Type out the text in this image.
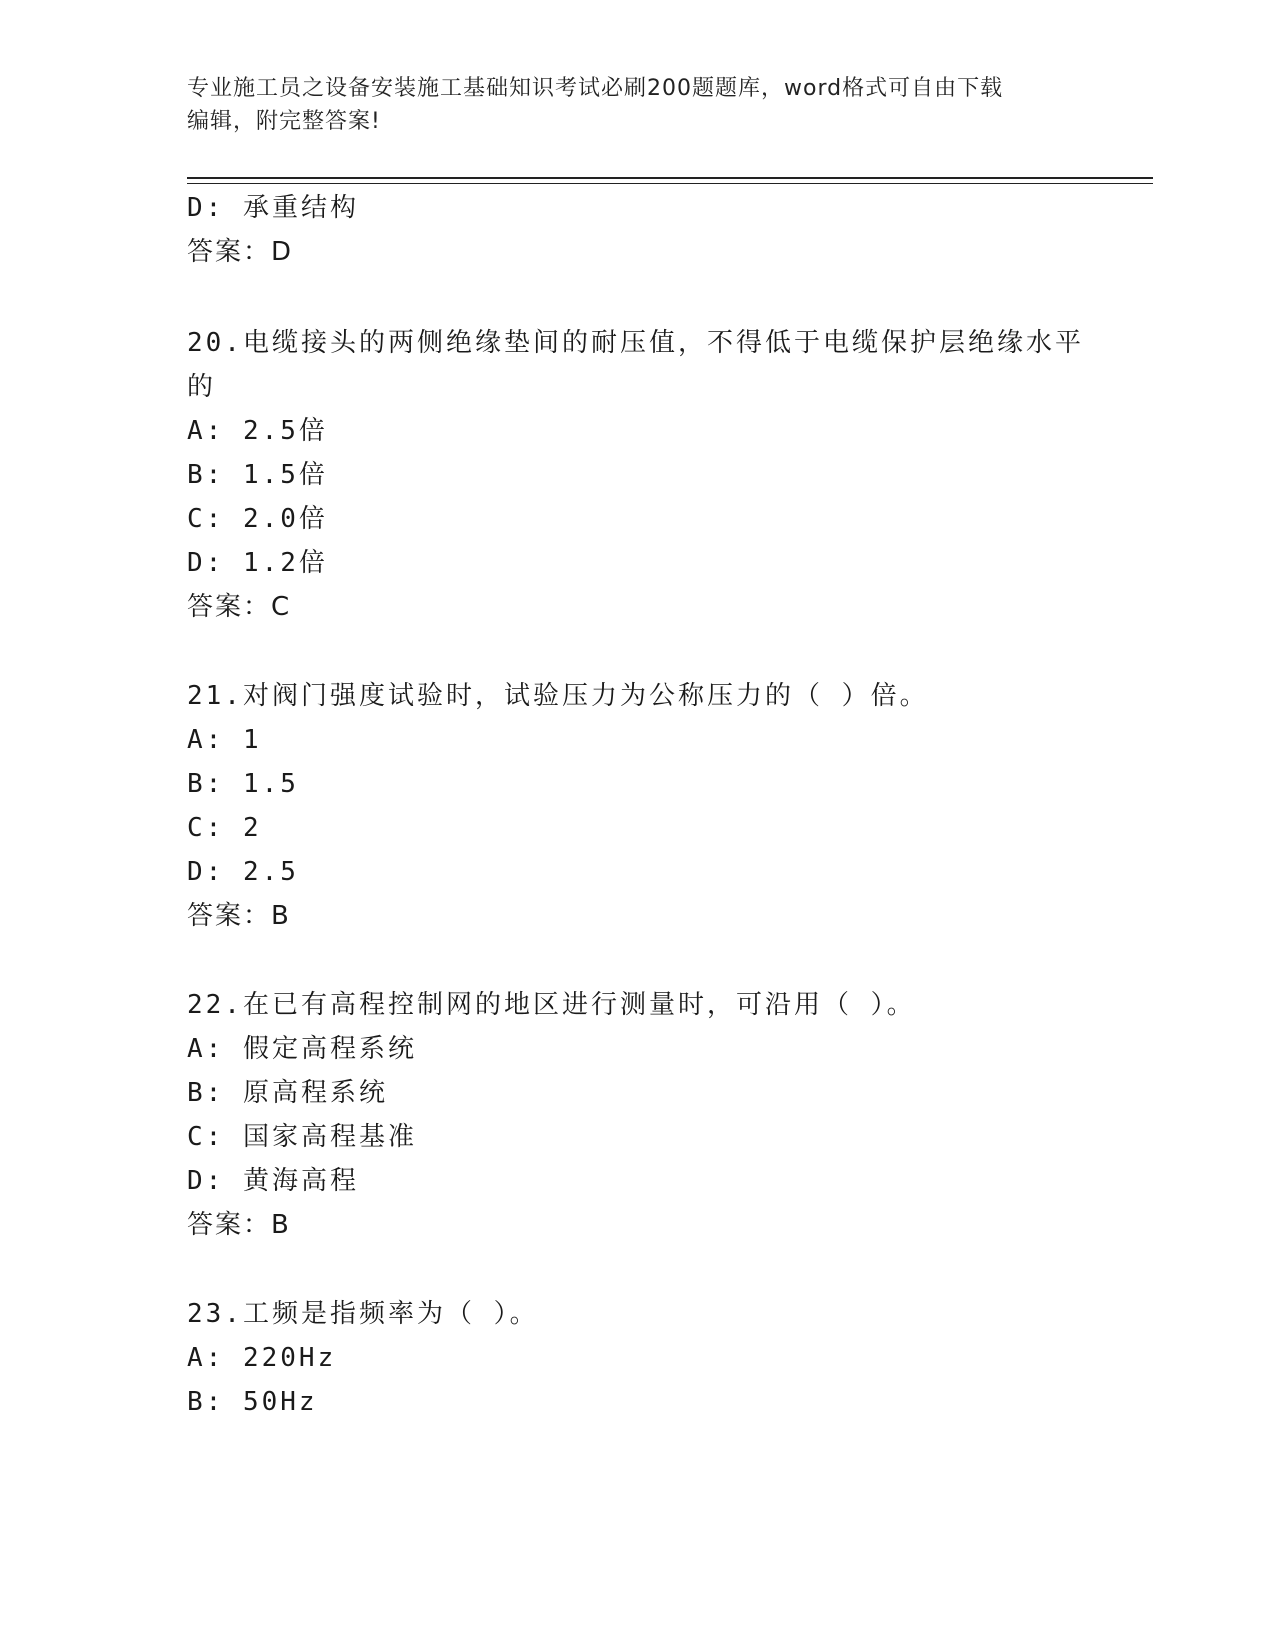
专业施工员之设备安装施工基础知识考试必刷200题题库，word格式可自由下载
编辑，附完整答案!
D: 承重结构
答案：D
20.电缆接头的两侧绝缘垫间的耐压值，不得低于电缆保护层绝缘水平
的
A: 2.5倍
B: 1.5倍
C: 2.0倍
D: 1.2倍
答案：C
21.对阀门强度试验时，试验压力为公称压力的（ ）倍。
A: 1
B: 1.5
C: 2
D: 2.5
答案：B
22.在已有高程控制网的地区进行测量时，可沿用（ ）。
A: 假定高程系统
B: 原高程系统
C: 国家高程基准
D: 黄海高程
答案：B
23.工频是指频率为（ ）。
A: 220Hz
B: 50Hz
